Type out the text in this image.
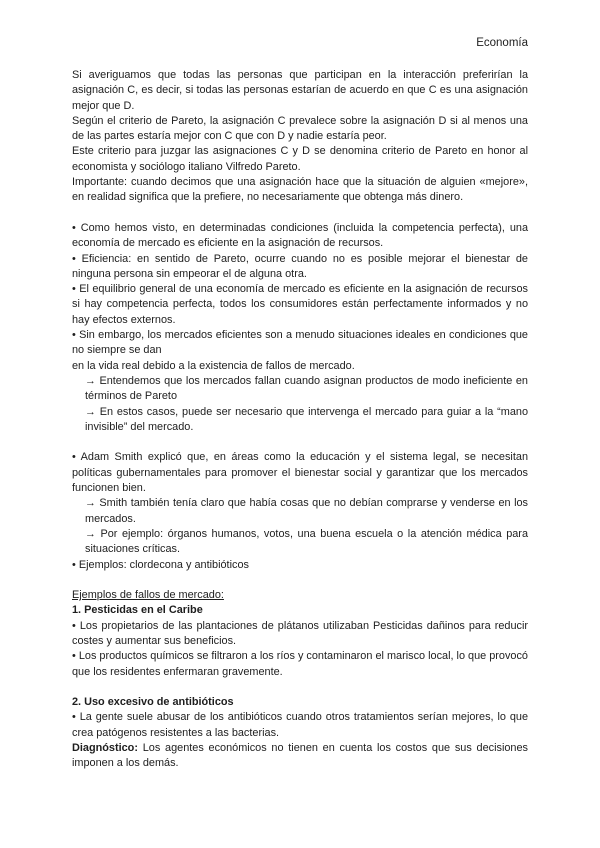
Economía

Si averiguamos que todas las personas que participan en la interacción preferirían la asignación C, es decir, si todas las personas estarían de acuerdo en que C es una asignación mejor que D.

Según el criterio de Pareto, la asignación C prevalece sobre la asignación D si al menos una de las partes estaría mejor con C que con D y nadie estaría peor.

Este criterio para juzgar las asignaciones C y D se denomina criterio de Pareto en honor al economista y sociólogo italiano Vilfredo Pareto.

Importante: cuando decimos que una asignación hace que la situación de alguien «mejore», en realidad significa que la prefiere, no necesariamente que obtenga más dinero.

• Como hemos visto, en determinadas condiciones (incluida la competencia perfecta), una economía de mercado es eficiente en la asignación de recursos.

• Eficiencia: en sentido de Pareto, ocurre cuando no es posible mejorar el bienestar de ninguna persona sin empeorar el de alguna otra.

• El equilibrio general de una economía de mercado es eficiente en la asignación de recursos si hay competencia perfecta, todos los consumidores están perfectamente informados y no hay efectos externos.

• Sin embargo, los mercados eficientes son a menudo situaciones ideales en condiciones que no siempre se dan

en la vida real debido a la existencia de fallos de mercado.

→ Entendemos que los mercados fallan cuando asignan productos de modo ineficiente en términos de Pareto

→ En estos casos, puede ser necesario que intervenga el mercado para guiar a la “mano invisible” del mercado.

• Adam Smith explicó que, en áreas como la educación y el sistema legal, se necesitan políticas gubernamentales para promover el bienestar social y garantizar que los mercados funcionen bien.

→ Smith también tenía claro que había cosas que no debían comprarse y venderse en los mercados.

→ Por ejemplo: órganos humanos, votos, una buena escuela o la atención médica para situaciones críticas.

• Ejemplos: clordecona y antibióticos

Ejemplos de fallos de mercado:

1. Pesticidas en el Caribe

• Los propietarios de las plantaciones de plátanos utilizaban Pesticidas dañinos para reducir costes y aumentar sus beneficios.

• Los productos químicos se filtraron a los ríos y contaminaron el marisco local, lo que provocó que los residentes enfermaran gravemente.

2. Uso excesivo de antibióticos

• La gente suele abusar de los antibióticos cuando otros tratamientos serían mejores, lo que crea patógenos resistentes a las bacterias.

Diagnóstico: Los agentes económicos no tienen en cuenta los costos que sus decisiones imponen a los demás.
